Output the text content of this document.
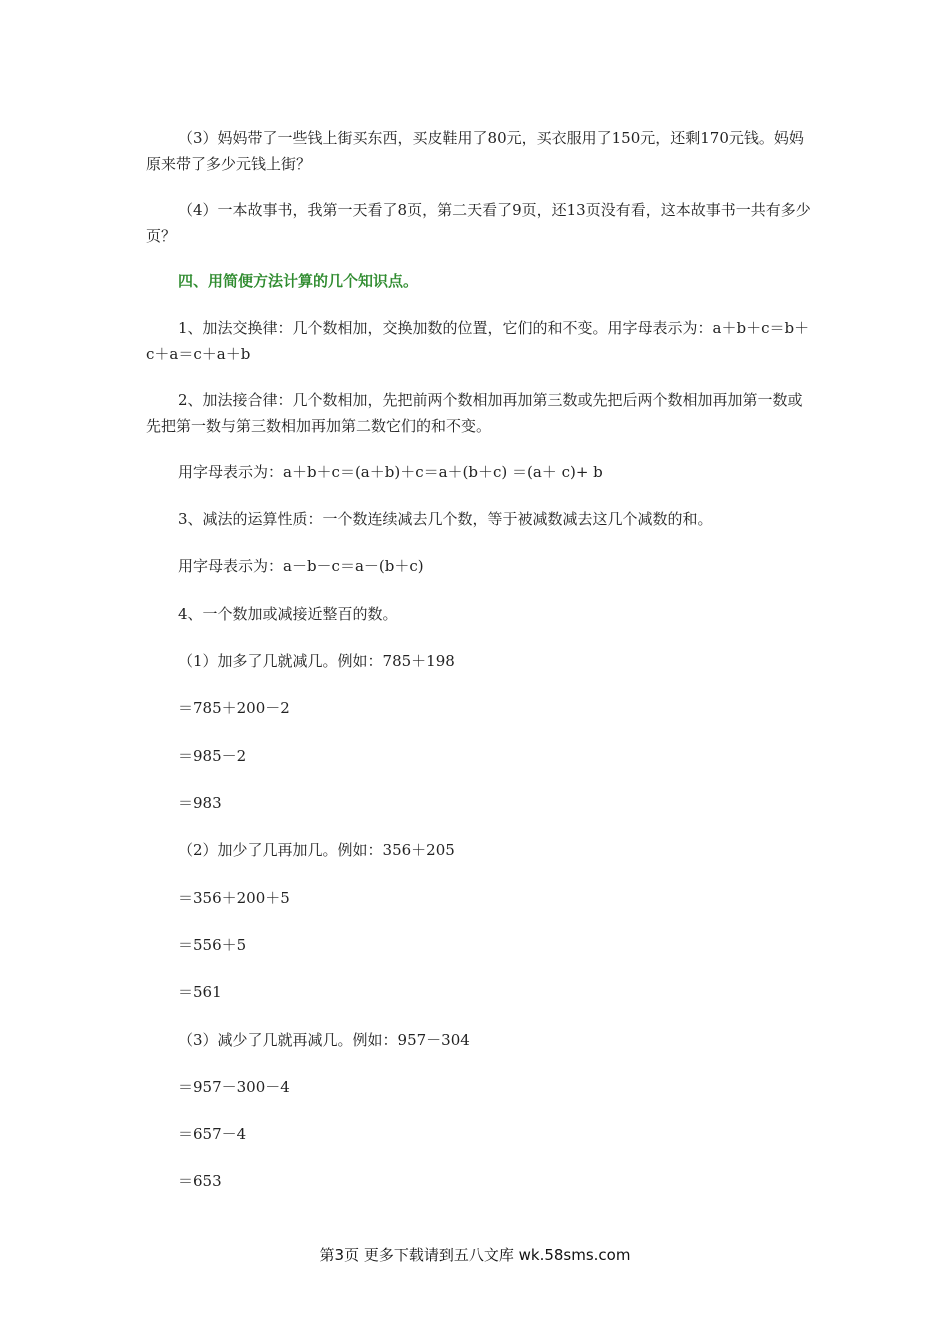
（3）妈妈带了一些钱上街买东西，买皮鞋用了80元，买衣服用了150元，还剩170元钱。妈妈原来带了多少元钱上街？

（4）一本故事书，我第一天看了8页，第二天看了9页，还13页没有看，这本故事书一共有多少页？

四、用简便方法计算的几个知识点。

1、加法交换律：几个数相加，交换加数的位置，它们的和不变。用字母表示为：a＋b＋c＝b＋c＋a＝c＋a＋b

2、加法接合律：几个数相加，先把前两个数相加再加第三数或先把后两个数相加再加第一数或先把第一数与第三数相加再加第二数它们的和不变。

用字母表示为：a＋b＋c＝(a＋b)＋c＝a＋(b＋c) ＝(a＋ c)+ b

3、减法的运算性质：一个数连续减去几个数，等于被减数减去这几个减数的和。

用字母表示为：a－b－c＝a－(b＋c)

4、一个数加或减接近整百的数。

（1）加多了几就减几。例如：785＋198

＝785＋200－2

＝985－2

＝983

（2）加少了几再加几。例如：356＋205

＝356＋200＋5

＝556＋5

＝561

（3）减少了几就再减几。例如：957－304

＝957－300－4

＝657－4

＝653

第3页 更多下载请到五八文库 wk.58sms.com
